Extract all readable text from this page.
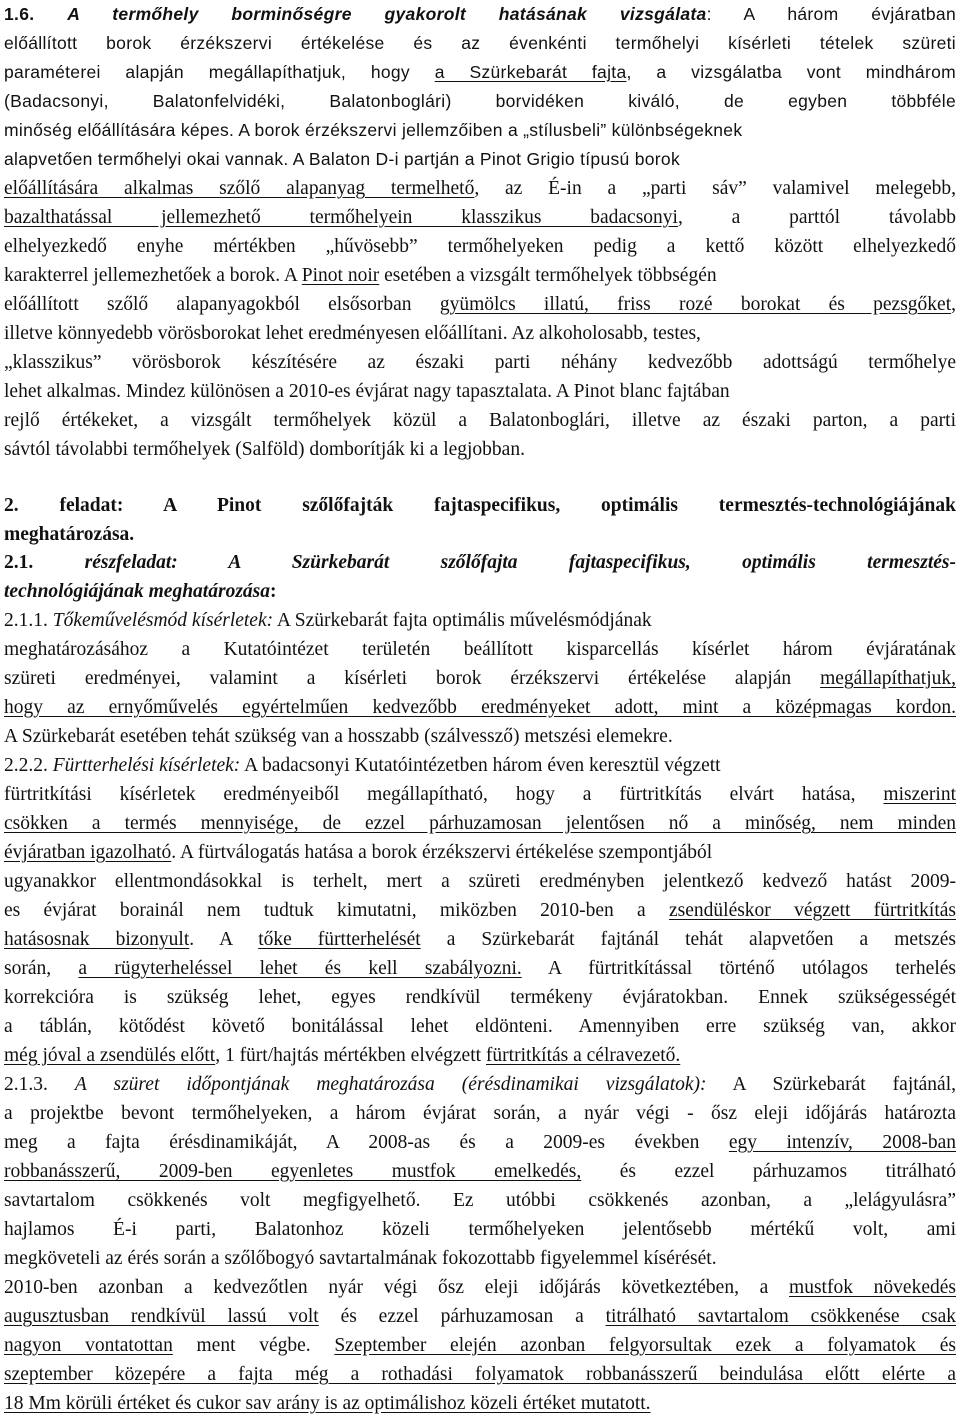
1.6. A termőhely borminőségre gyakorolt hatásának vizsgálata: A három évjáratban
előállított borok érzékszervi értékelése és az évenkénti termőhelyi kísérleti tételek szüreti
paraméterei alapján megállapíthatjuk, hogy a Szürkebarát fajta, a vizsgálatba vont mindhárom
(Badacsonyi, Balatonfelvidéki, Balatonboglári) borvidéken kiváló, de egyben többféle
minőség előállítására képes. A borok érzékszervi jellemzőiben a „stílusbeli” különbségeknek
alapvetően termőhelyi okai vannak. A Balaton D-i partján a Pinot Grigio típusú borok
előállítására alkalmas szőlő alapanyag termelhető, az É-in a „parti sáv” valamivel melegebb,
bazalthatással jellemezhető termőhelyein klasszikus badacsonyi, a parttól távolabb
elhelyezkedő enyhe mértékben „hűvösebb” termőhelyeken pedig a kettő között elhelyezkedő
karakterrel jellemezhetőek a borok. A Pinot noir esetében a vizsgált termőhelyek többségén
előállított szőlő alapanyagokból elsősorban gyümölcs illatú, friss rozé borokat és pezsgőket,
illetve könnyedebb vörösborokat lehet eredményesen előállítani. Az alkoholosabb, testes,
„klasszikus” vörösborok készítésére az északi parti néhány kedvezőbb adottságú termőhelye
lehet alkalmas. Mindez különösen a 2010-es évjárat nagy tapasztalata. A Pinot blanc fajtában
rejlő értékeket, a vizsgált termőhelyek közül a Balatonboglári, illetve az északi parton, a parti
sávtól távolabbi termőhelyek (Salföld) domborítják ki a legjobban.
2. feladat: A Pinot szőlőfajták fajtaspecifikus, optimális termesztés-technológiájának
meghatározása.
2.1. részfeladat: A Szürkebarát szőlőfajta fajtaspecifikus, optimális termesztés-
technológiájának meghatározása:
2.1.1. Tőkeművelésmód kísérletek: A Szürkebarát fajta optimális művelésmódjának
meghatározásához a Kutatóintézet területén beállított kisparcellás kísérlet három évjáratának
szüreti eredményei, valamint a kísérleti borok érzékszervi értékelése alapján megállapíthatjuk,
hogy az ernyőművelés egyértelműen kedvezőbb eredményeket adott, mint a középmagas kordon.
A Szürkebarát esetében tehát szükség van a hosszabb (szálvessző) metszési elemekre.
2.2.2. Fürtterhelési kísérletek: A badacsonyi Kutatóintézetben három éven keresztül végzett
fürtritkítási kísérletek eredményeiből megállapítható, hogy a fürtritkítás elvárt hatása, miszerint
csökken a termés mennyisége, de ezzel párhuzamosan jelentősen nő a minőség, nem minden
évjáratban igazolható. A fürtválogatás hatása a borok érzékszervi értékelése szempontjából
ugyanakkor ellentmondásokkal is terhelt, mert a szüreti eredményben jelentkező kedvező hatást 2009-
es évjárat borainál nem tudtuk kimutatni, miközben 2010-ben a zsendüléskor végzett fürtritkítás
hatásosnak bizonyult. A tőke fürtterhelését a Szürkebarát fajtánál tehát alapvetően a metszés
során, a rügyterheléssel lehet és kell szabályozni. A fürtritkítással történő utólagos terhelés
korrekcióra is szükség lehet, egyes rendkívül termékeny évjáratokban. Ennek szükségességét
a táblán, kötődést követő bonitálással lehet eldönteni. Amennyiben erre szükség van, akkor
még jóval a zsendülés előtt, 1 fürt/hajtás mértékben elvégzett fürtritkítás a célravezető.
2.1.3. A szüret időpontjának meghatározása (érésdinamikai vizsgálatok): A Szürkebarát fajtánál,
a projektbe bevont termőhelyeken, a három évjárat során, a nyár végi - ősz eleji időjárás határozta
meg a fajta érésdinamikáját, A 2008-as és a 2009-es években egy intenzív, 2008-ban
robbanásszerű, 2009-ben egyenletes mustfok emelkedés, és ezzel párhuzamos titrálható
savtartalom csökkenés volt megfigyelhető. Ez utóbbi csökkenés azonban, a „lelágyulásra”
hajlamos É-i parti, Balatonhoz közeli termőhelyeken jelentősebb mértékű volt, ami
megköveteli az érés során a szőlőbogyó savtartalmának fokozottabb figyelemmel kísérését.
2010-ben azonban a kedvezőtlen nyár végi ősz eleji időjárás következtében, a mustfok növekedés
augusztusban rendkívül lassú volt és ezzel párhuzamosan a titrálható savtartalom csökkenése csak
nagyon vontatottan ment végbe. Szeptember elején azonban felgyorsultak ezek a folyamatok és
szeptember közepére a fajta még a rothadási folyamatok robbanásszerű beindulása előtt elérte a
18 Mm körüli értéket és cukor sav arány is az optimálishoz közeli értéket mutatott.
